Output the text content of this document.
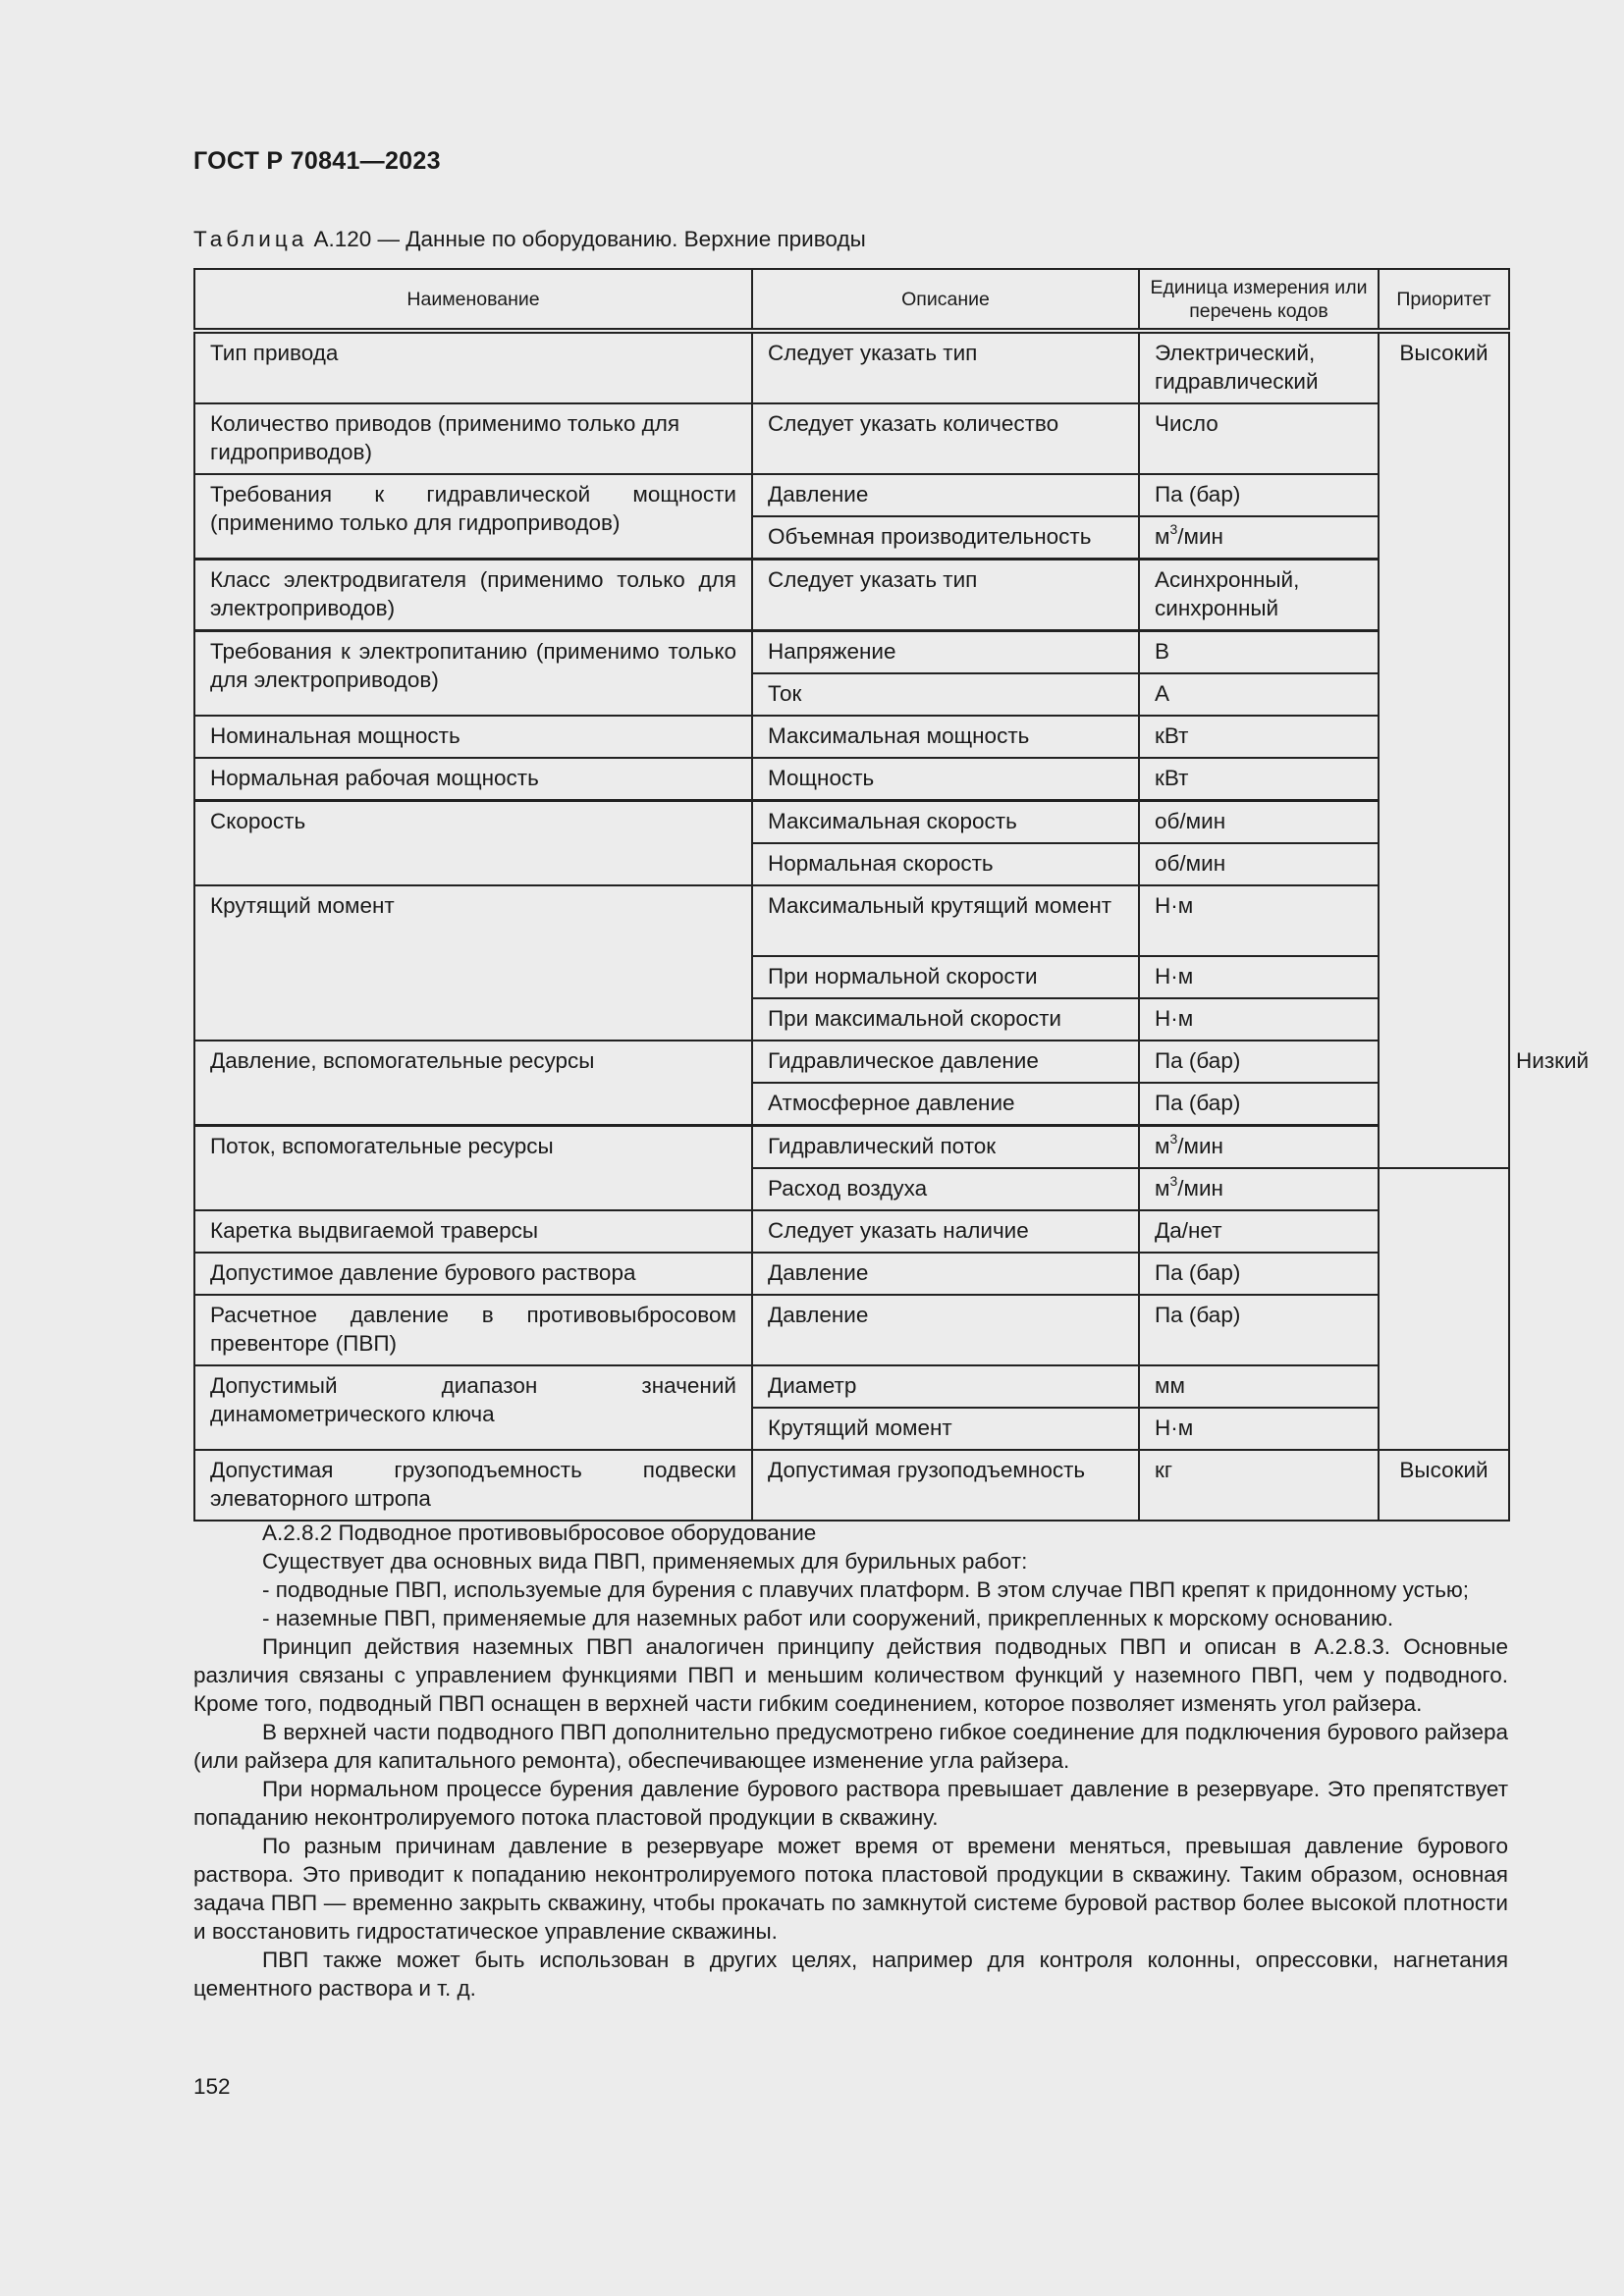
ГОСТ Р 70841—2023
Таблица А.120 — Данные по оборудованию. Верхние приводы
Наименование	Описание	Единица измерения или перечень кодов	Приоритет	
Тип привода	Следует указать тип	Электрический, гидравлический	Высокий	
Количество приводов (применимо только для гидроприводов)	Следует указать количество	Число		
Требования к гидравлической мощности (применимо только для гидроприводов)	Давление	Па (бар)		
	Объемная производительность	$м^3$/мин		
Класс электродвигателя (применимо только для электроприводов)	Следует указать тип	Асинхронный, синхронный		
Требования к электропитанию (применимо только для электроприводов)	Напряжение	В		
	Ток	А		
Номинальная мощность	Максимальная мощность	кВт		
Нормальная рабочая мощность	Мощность	кВт		
Скорость	Максимальная скорость	об/мин		
	Нормальная скорость	об/мин		
Крутящий момент	Максимальный крутящий момент	Н·м		
	При нормальной скорости	Н·м		
	При максимальной скорости	Н·м		
Давление, вспомогательные ресурсы	Гидравлическое давление	Па (бар)		Низкий
	Атмосферное давление	Па (бар)		
Поток, вспомогательные ресурсы	Гидравлический поток	$м^3$/мин		
	Расход воздуха	$м^3$/мин		
Каретка выдвигаемой траверсы	Следует указать наличие	Да/нет		
Допустимое давление бурового раствора	Давление	Па (бар)		
Расчетное давление в противовыбросовом превенторе (ПВП)	Давление	Па (бар)		
Допустимый диапазон значений динамометрического ключа	Диаметр	мм		
	Крутящий момент	Н·м		
Допустимая грузоподъемность подвески элеваторного штропа	Допустимая грузоподъемность	кг	Высокий	

А.2.8.2 Подводное противовыбросовое оборудование

Существует два основных вида ПВП, применяемых для бурильных работ:

- подводные ПВП, используемые для бурения с плавучих платформ. В этом случае ПВП крепят к придонному устью;

- наземные ПВП, применяемые для наземных работ или сооружений, прикрепленных к морскому основанию.

Принцип действия наземных ПВП аналогичен принципу действия подводных ПВП и описан в А.2.8.3. Основные различия связаны с управлением функциями ПВП и меньшим количеством функций у наземного ПВП, чем у подводного. Кроме того, подводный ПВП оснащен в верхней части гибким соединением, которое позволяет изменять угол райзера.

В верхней части подводного ПВП дополнительно предусмотрено гибкое соединение для подключения бурового райзера (или райзера для капитального ремонта), обеспечивающее изменение угла райзера.

При нормальном процессе бурения давление бурового раствора превышает давление в резервуаре. Это препятствует попаданию неконтролируемого потока пластовой продукции в скважину.

По разным причинам давление в резервуаре может время от времени меняться, превышая давление бурового раствора. Это приводит к попаданию неконтролируемого потока пластовой продукции в скважину. Таким образом, основная задача ПВП — временно закрыть скважину, чтобы прокачать по замкнутой системе буровой раствор более высокой плотности и восстановить гидростатическое управление скважины.

ПВП также может быть использован в других целях, например для контроля колонны, опрессовки, нагнетания цементного раствора и т. д.

152
